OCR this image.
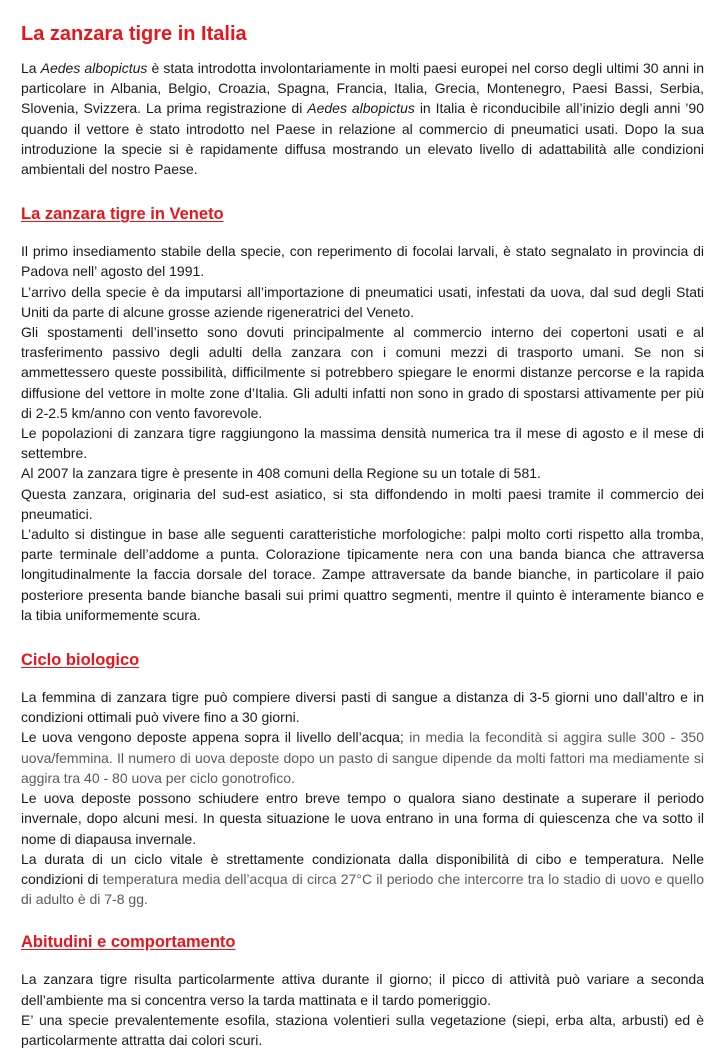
La zanzara tigre in Italia
La Aedes albopictus è stata introdotta involontariamente in molti paesi europei nel corso degli ultimi 30 anni in particolare in Albania, Belgio, Croazia, Spagna, Francia, Italia, Grecia, Montenegro, Paesi Bassi, Serbia, Slovenia, Svizzera. La prima registrazione di Aedes albopictus in Italia è riconducibile all’inizio degli anni ’90 quando il vettore è stato introdotto nel Paese in relazione al commercio di pneumatici usati. Dopo la sua introduzione la specie si è rapidamente diffusa mostrando un elevato livello di adattabilità alle condizioni ambientali del nostro Paese.
La zanzara tigre in Veneto

Il primo insediamento stabile della specie, con reperimento di focolai larvali, è stato segnalato in provincia di Padova nell’ agosto del 1991.

L’arrivo della specie è da imputarsi all’importazione di pneumatici usati, infestati da uova, dal sud degli Stati Uniti da parte di alcune grosse aziende rigeneratrici del Veneto.

Gli spostamenti dell’insetto sono dovuti principalmente al commercio interno dei copertoni usati e al trasferimento passivo degli adulti della zanzara con i comuni mezzi di trasporto umani. Se non si ammettessero queste possibilità, difficilmente si potrebbero spiegare le enormi distanze percorse e la rapida diffusione del vettore in molte zone d’Italia. Gli adulti infatti non sono in grado di spostarsi attivamente per più di 2-2.5 km/anno con vento favorevole.

Le popolazioni di zanzara tigre raggiungono la massima densità numerica tra il mese di agosto e il mese di settembre.

Al 2007 la zanzara tigre è presente in 408 comuni della Regione su un totale di 581.

Questa zanzara, originaria del sud-est asiatico, si sta diffondendo in molti paesi tramite il commercio dei pneumatici.

L’adulto si distingue in base alle seguenti caratteristiche morfologiche: palpi molto corti rispetto alla tromba, parte terminale dell’addome a punta. Colorazione tipicamente nera con una banda bianca che attraversa longitudinalmente la faccia dorsale del torace. Zampe attraversate da bande bianche, in particolare il paio posteriore presenta bande bianche basali sui primi quattro segmenti, mentre il quinto è interamente bianco e la tibia uniformemente scura.

Ciclo biologico

La femmina di zanzara tigre può compiere diversi pasti di sangue a distanza di 3-5 giorni uno dall’altro e in condizioni ottimali può vivere fino a 30 giorni.

Le uova vengono deposte appena sopra il livello dell’acqua; in media la fecondità si aggira sulle 300 - 350 uova/femmina. Il numero di uova deposte dopo un pasto di sangue dipende da molti fattori ma mediamente si aggira tra 40 - 80 uova per ciclo gonotrofico.

Le uova deposte possono schiudere entro breve tempo o qualora siano destinate a superare il periodo invernale, dopo alcuni mesi. In questa situazione le uova entrano in una forma di quiescenza che va sotto il nome di diapausa invernale.

La durata di un ciclo vitale è strettamente condizionata dalla disponibilità di cibo e temperatura. Nelle condizioni di temperatura media dell’acqua di circa 27°C il periodo che intercorre tra lo stadio di uovo e quello di adulto è di 7-8 gg.

Abitudini e comportamento

La zanzara tigre risulta particolarmente attiva durante il giorno; il picco di attività può variare a seconda dell’ambiente ma si concentra verso la tarda mattinata e il tardo pomeriggio.

E’ una specie prevalentemente esofila, staziona volentieri sulla vegetazione (siepi, erba alta, arbusti) ed è particolarmente attratta dai colori scuri.
